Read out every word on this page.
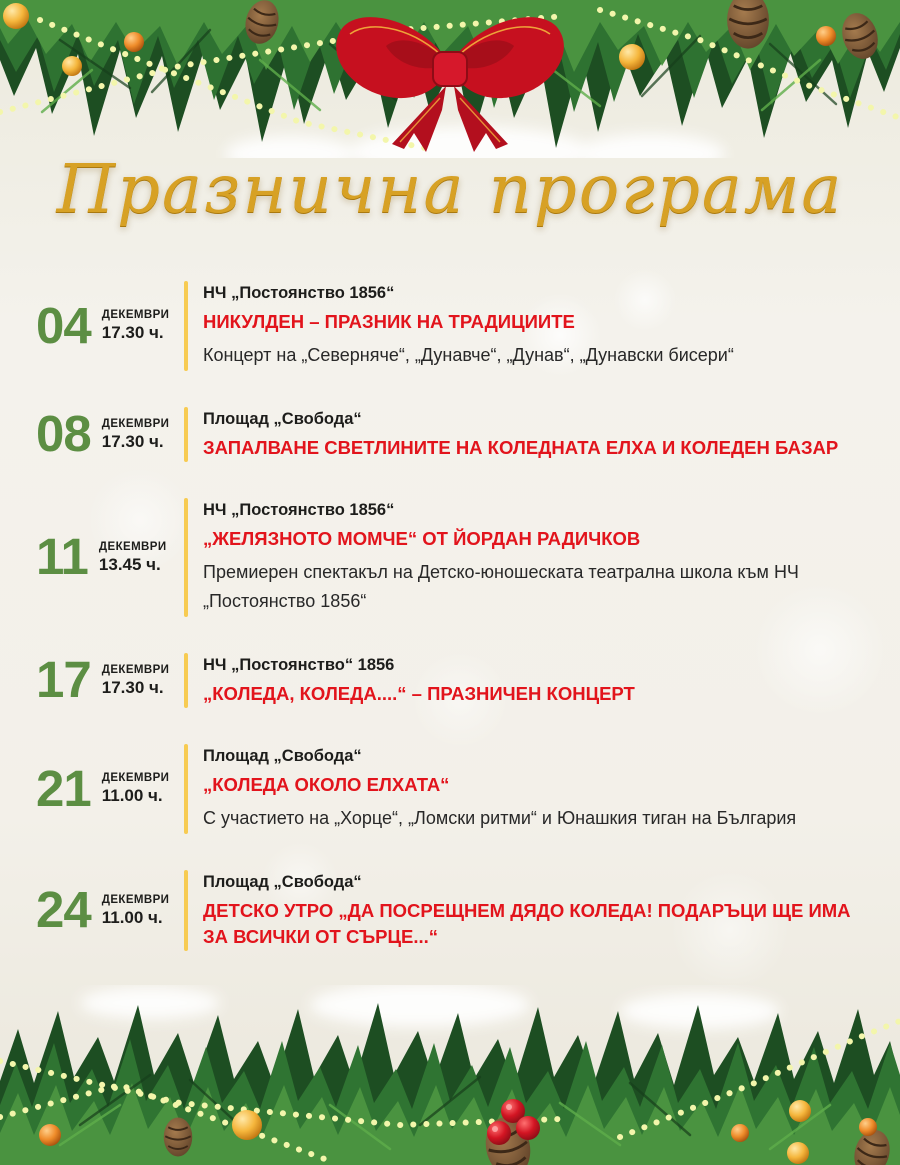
Празнична програма
04 ДЕКЕМВРИ
17.30 ч.
НЧ „Постоянство 1856“
НИКУЛДЕН – ПРАЗНИК НА ТРАДИЦИИТЕ
Концерт на „Северняче“, „Дунавче“, „Дунав“, „Дунавски бисери“
08 ДЕКЕМВРИ
17.30 ч.
Площад „Свобода“
ЗАПАЛВАНЕ СВЕТЛИНИТЕ НА КОЛЕДНАТА ЕЛХА И КОЛЕДЕН БАЗАР
11 ДЕКЕМВРИ
13.45 ч.
НЧ „Постоянство 1856“
„ЖЕЛЯЗНОТО МОМЧЕ“ ОТ ЙОРДАН РАДИЧКОВ
Премиерен спектакъл на Детско-юношеската театрална школа към НЧ „Постоянство 1856“
17 ДЕКЕМВРИ
17.30 ч.
НЧ „Постоянство“ 1856
„КОЛЕДА, КОЛЕДА....“ – ПРАЗНИЧЕН КОНЦЕРТ
21 ДЕКЕМВРИ
11.00 ч.
Площад „Свобода“
„КОЛЕДА ОКОЛО ЕЛХАТА“
С участието на „Хорце“, „Ломски ритми“ и Юнашкия тиган на България
24 ДЕКЕМВРИ
11.00 ч.
Площад „Свобода“
ДЕТСКО УТРО „ДА ПОСРЕЩНЕМ ДЯДО КОЛЕДА! ПОДАРЪЦИ ЩЕ ИМА ЗА ВСИЧКИ ОТ СЪРЦЕ...“
